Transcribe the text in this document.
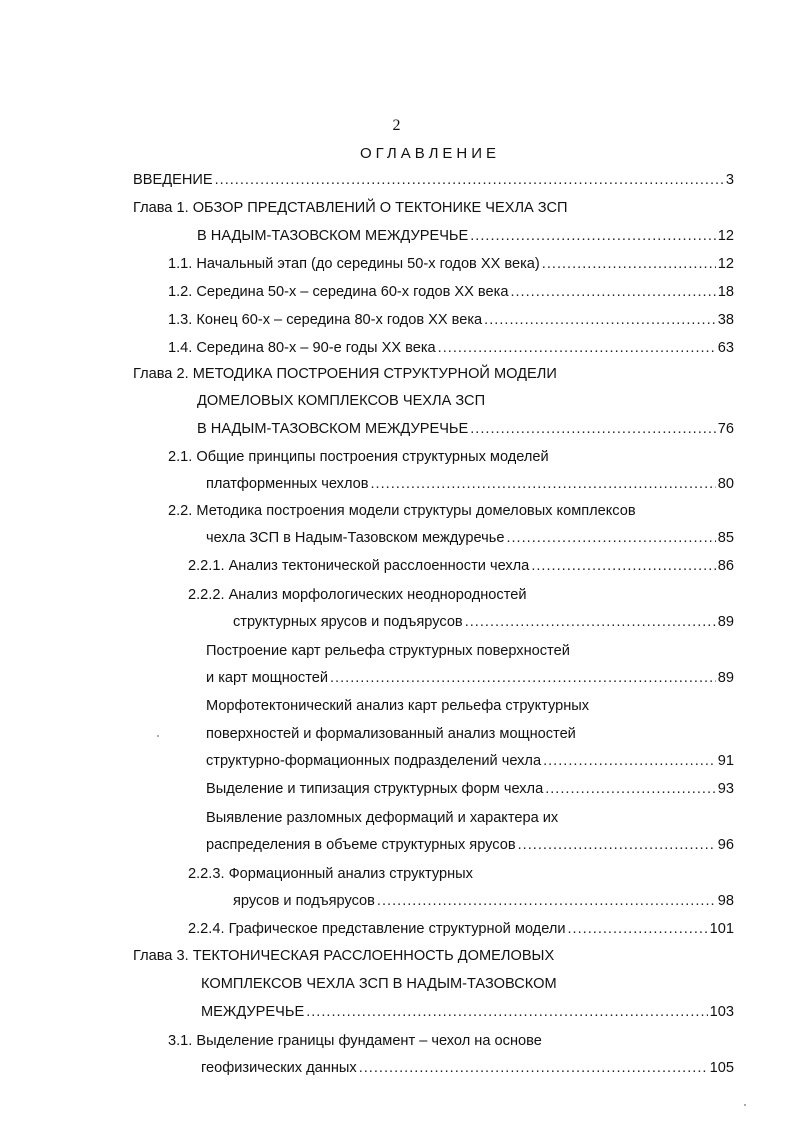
2
ОГЛАВЛЕНИЕ
ВВЕДЕНИЕ .....	3
Глава 1. ОБЗОР ПРЕДСТАВЛЕНИЙ О ТЕКТОНИКЕ ЧЕХЛА ЗСП
В НАДЫМ-ТАЗОВСКОМ МЕЖДУРЕЧЬЕ .....	12
1.1. Начальный этап (до середины 50-х годов XX века) .....	12
1.2. Середина 50-х – середина 60-х годов XX века .....	18
1.3. Конец 60-х – середина 80-х годов XX века .....	38
1.4. Середина 80-х – 90-е годы XX века .....	63
Глава 2. МЕТОДИКА ПОСТРОЕНИЯ СТРУКТУРНОЙ МОДЕЛИ
ДОМЕЛОВЫХ КОМПЛЕКСОВ ЧЕХЛА ЗСП
В НАДЫМ-ТАЗОВСКОМ МЕЖДУРЕЧЬЕ .....	76
2.1. Общие принципы построения структурных моделей
платформенных чехлов .....	80
2.2. Методика построения модели структуры домеловых комплексов
чехла ЗСП в Надым-Тазовском междуречье .....	85
2.2.1. Анализ тектонической расслоенности чехла .....	86
2.2.2. Анализ морфологических неоднородностей
структурных ярусов и подъярусов .....	89
Построение карт рельефа структурных поверхностей
и карт мощностей .....	89
Морфотектонический анализ карт рельефа структурных
поверхностей и формализованный анализ мощностей
структурно-формационных подразделений чехла .....	91
Выделение и типизация структурных форм чехла .....	93
Выявление разломных деформаций и характера их
распределения в объеме структурных ярусов .....	96
2.2.3. Формационный анализ структурных
ярусов и подъярусов .....	98
2.2.4. Графическое представление структурной модели .....	101
Глава 3. ТЕКТОНИЧЕСКАЯ РАССЛОЕННОСТЬ ДОМЕЛОВЫХ
КОМПЛЕКСОВ ЧЕХЛА ЗСП В НАДЫМ-ТАЗОВСКОМ
МЕЖДУРЕЧЬЕ .....	103
3.1. Выделение границы фундамент – чехол на основе
геофизических данных .....	105
